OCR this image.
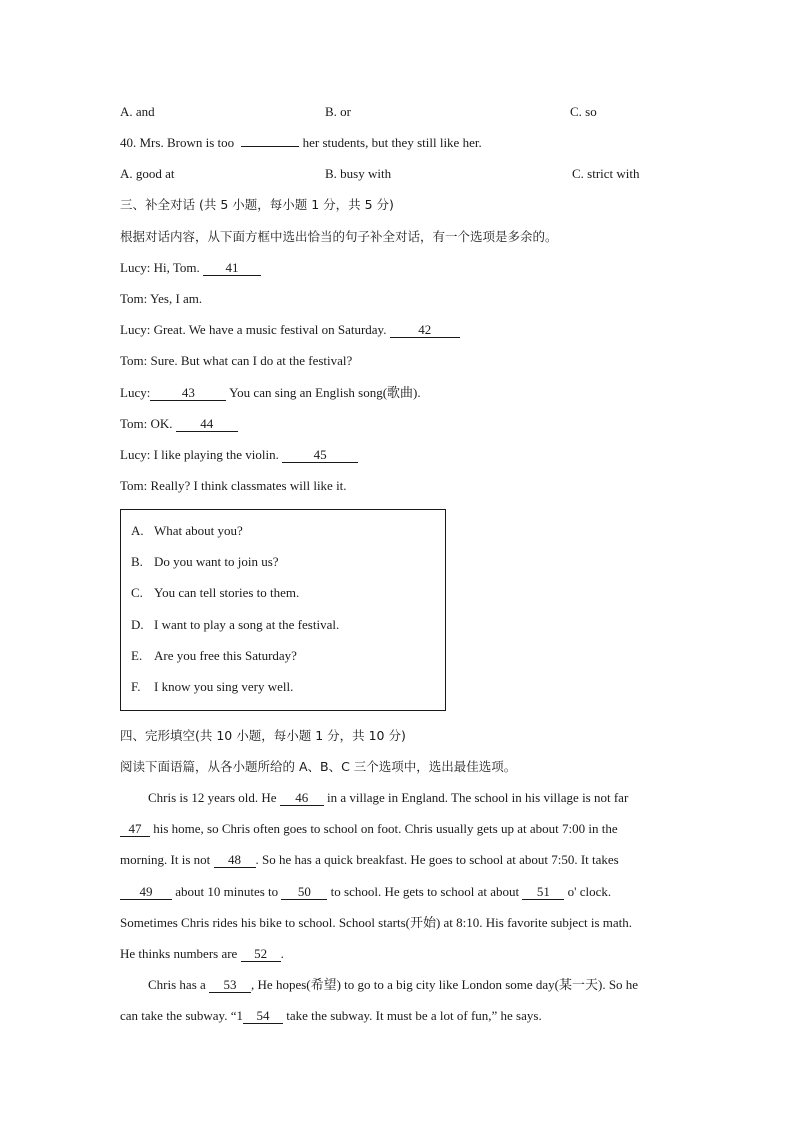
A. and	B. or	C. so
40. Mrs. Brown is too	her students, but they still like her.
A. good at	B. busy with	C. strict with
三、补全对话 (共 5 小题，每小题 1 分，共 5 分)
根据对话内容，从下面方框中选出恰当的句子补全对话，有一个选项是多余的。
Lucy: Hi, Tom. 41
Tom: Yes, I am.
Lucy: Great. We have a music festival on Saturday. 42
Tom: Sure. But what can I do at the festival?
Lucy: 43 You can sing an English song(歌曲).
Tom: OK. 44
Lucy: I like playing the violin. 45
Tom: Really? I think classmates will like it.
A. What about you?
B. Do you want to join us?
C. You can tell stories to them.
D. I want to play a song at the festival.
E. Are you free this Saturday?
F. I know you sing very well.
四、完形填空(共 10 小题，每小题 1 分，共 10 分)
阅读下面语篇，从各小题所给的 A、B、C 三个选项中，选出最佳选项。
Chris is 12 years old. He 46 in a village in England. The school in his village is not far
47 his home, so Chris often goes to school on foot. Chris usually gets up at about 7:00 in the
morning. It is not 48 . So he has a quick breakfast. He goes to school at about 7:50. It takes
49 about 10 minutes to 50 to school. He gets to school at about 51 o' clock.
Sometimes Chris rides his bike to school. School starts(开始) at 8:10. His favorite subject is math.
He thinks numbers are 52 .
Chris has a 53 , He hopes(希望) to go to a big city like London some day(某一天). So he
can take the subway. “1 54 take the subway. It must be a lot of fun,” he says.
